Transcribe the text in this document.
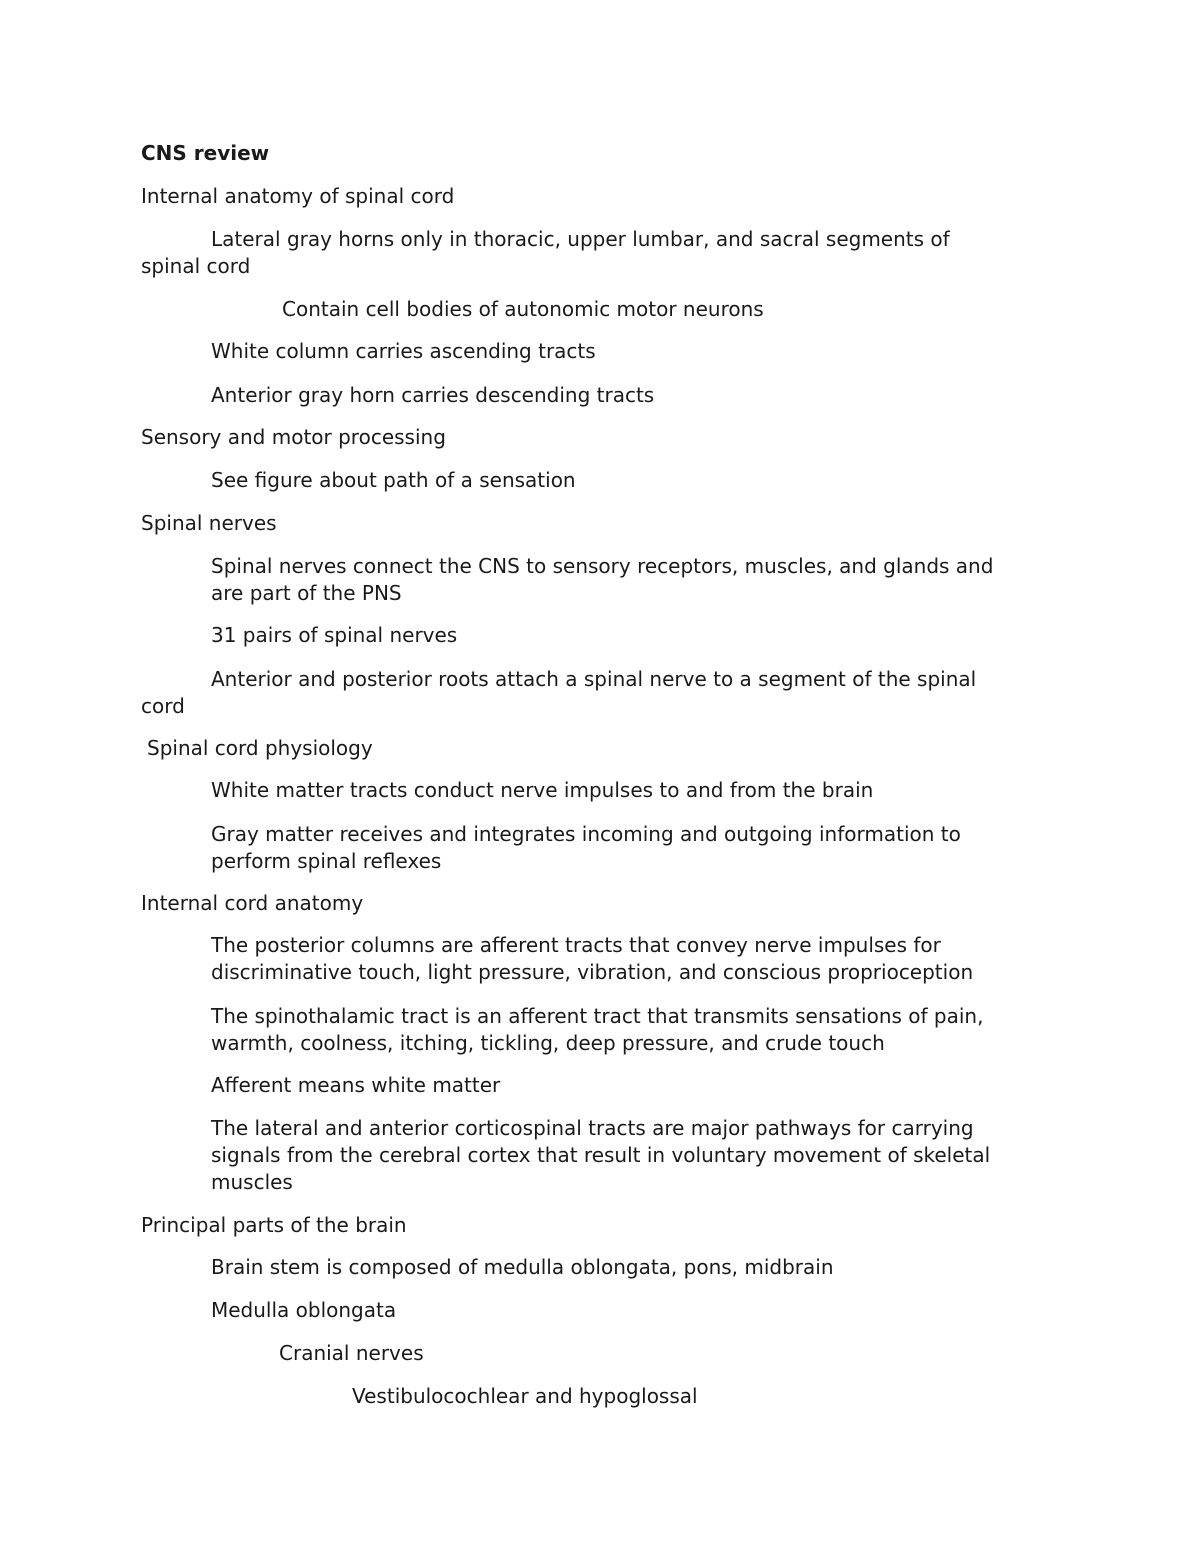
CNS review

Internal anatomy of spinal cord

Lateral gray horns only in thoracic, upper lumbar, and sacral segments of

spinal cord

Contain cell bodies of autonomic motor neurons

White column carries ascending tracts

Anterior gray horn carries descending tracts

Sensory and motor processing

See figure about path of a sensation

Spinal nerves

Spinal nerves connect the CNS to sensory receptors, muscles, and glands and

are part of the PNS

31 pairs of spinal nerves

Anterior and posterior roots attach a spinal nerve to a segment of the spinal

cord

Spinal cord physiology

White matter tracts conduct nerve impulses to and from the brain

Gray matter receives and integrates incoming and outgoing information to

perform spinal reflexes

Internal cord anatomy

The posterior columns are afferent tracts that convey nerve impulses for

discriminative touch, light pressure, vibration, and conscious proprioception

The spinothalamic tract is an afferent tract that transmits sensations of pain,

warmth, coolness, itching, tickling, deep pressure, and crude touch

Afferent means white matter

The lateral and anterior corticospinal tracts are major pathways for carrying

signals from the cerebral cortex that result in voluntary movement of skeletal

muscles

Principal parts of the brain

Brain stem is composed of medulla oblongata, pons, midbrain

Medulla oblongata

Cranial nerves

Vestibulocochlear and hypoglossal
